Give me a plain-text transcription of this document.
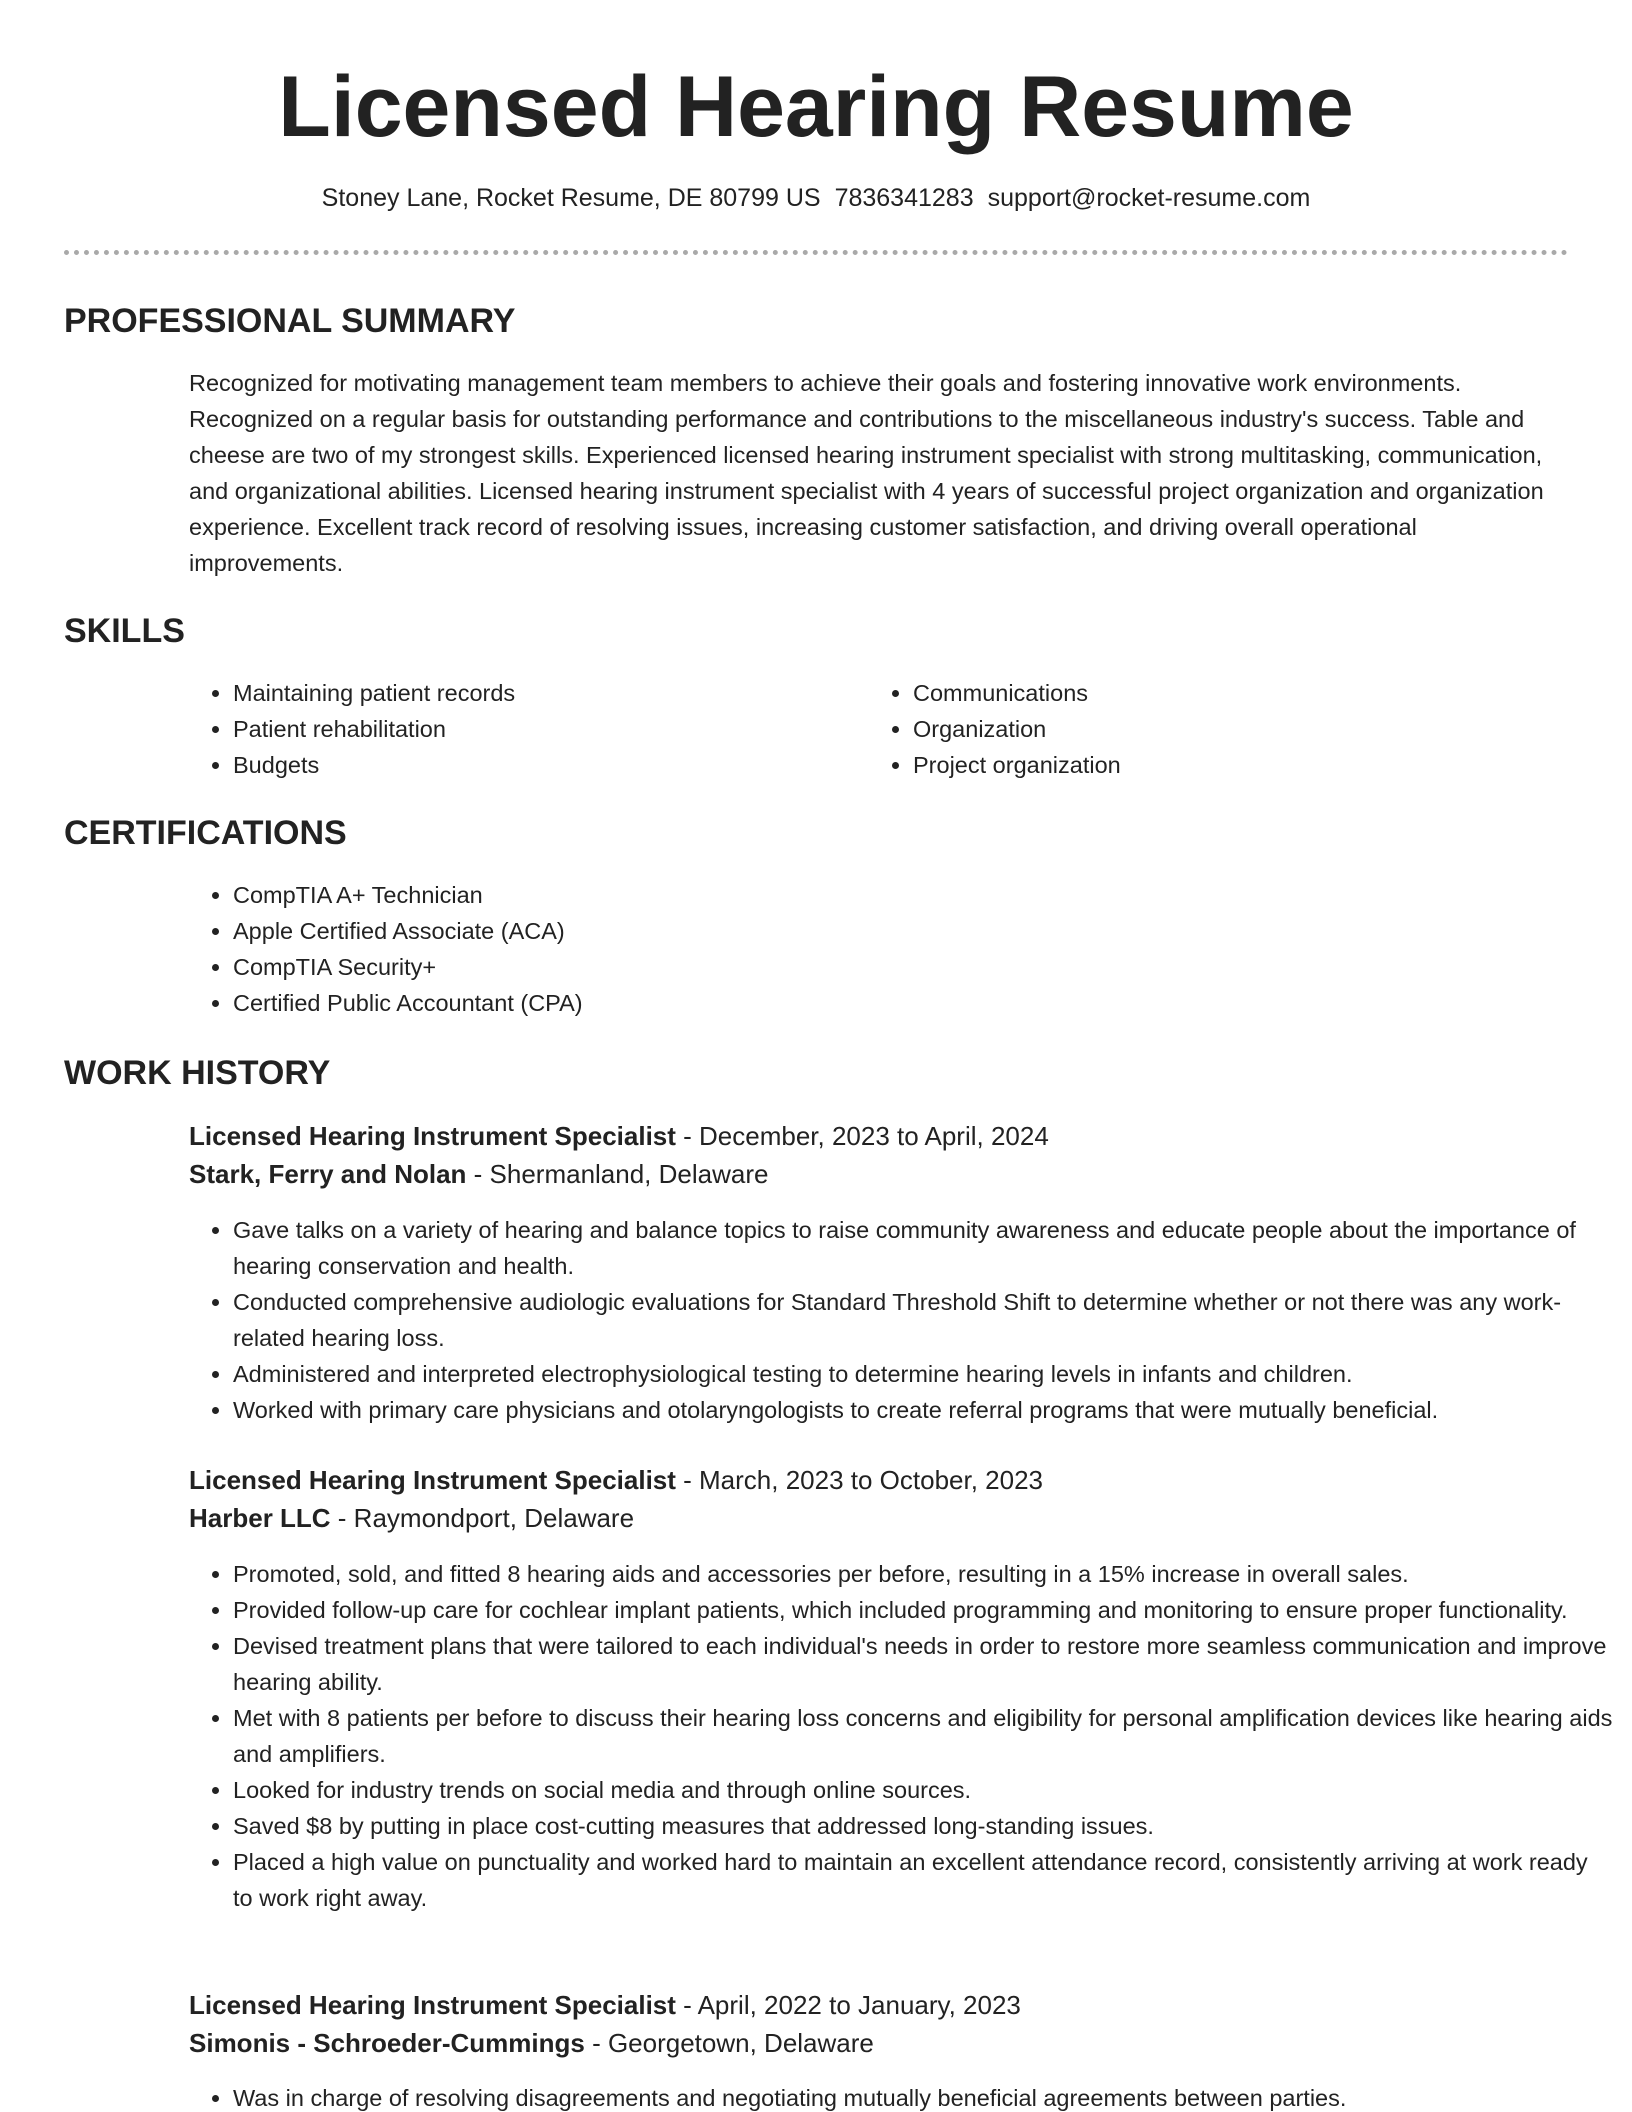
Licensed Hearing Resume
Stoney Lane, Rocket Resume, DE 80799 US 7836341283 support@rocket-resume.com
PROFESSIONAL SUMMARY

Recognized for motivating management team members to achieve their goals and fostering innovative work environments. Recognized on a regular basis for outstanding performance and contributions to the miscellaneous industry's success. Table and cheese are two of my strongest skills. Experienced licensed hearing instrument specialist with strong multitasking, communication, and organizational abilities. Licensed hearing instrument specialist with 4 years of successful project organization and organization experience. Excellent track record of resolving issues, increasing customer satisfaction, and driving overall operational improvements.

SKILLS
• Maintaining patient records
• Patient rehabilitation
• Budgets
• Communications
• Organization
• Project organization
CERTIFICATIONS
• CompTIA A+ Technician
• Apple Certified Associate (ACA)
• CompTIA Security+
• Certified Public Accountant (CPA)
WORK HISTORY
Licensed Hearing Instrument Specialist - December, 2023 to April, 2024
Stark, Ferry and Nolan - Shermanland, Delaware
• Gave talks on a variety of hearing and balance topics to raise community awareness and educate people about the importance of hearing conservation and health.
• Conducted comprehensive audiologic evaluations for Standard Threshold Shift to determine whether or not there was any work-related hearing loss.
• Administered and interpreted electrophysiological testing to determine hearing levels in infants and children.
• Worked with primary care physicians and otolaryngologists to create referral programs that were mutually beneficial.
Licensed Hearing Instrument Specialist - March, 2023 to October, 2023
Harber LLC - Raymondport, Delaware
• Promoted, sold, and fitted 8 hearing aids and accessories per before, resulting in a 15% increase in overall sales.
• Provided follow-up care for cochlear implant patients, which included programming and monitoring to ensure proper functionality.
• Devised treatment plans that were tailored to each individual's needs in order to restore more seamless communication and improve hearing ability.
• Met with 8 patients per before to discuss their hearing loss concerns and eligibility for personal amplification devices like hearing aids and amplifiers.
• Looked for industry trends on social media and through online sources.
• Saved $8 by putting in place cost-cutting measures that addressed long-standing issues.
• Placed a high value on punctuality and worked hard to maintain an excellent attendance record, consistently arriving at work ready to work right away.
Licensed Hearing Instrument Specialist - April, 2022 to January, 2023
Simonis - Schroeder-Cummings - Georgetown, Delaware
• Was in charge of resolving disagreements and negotiating mutually beneficial agreements between parties.
